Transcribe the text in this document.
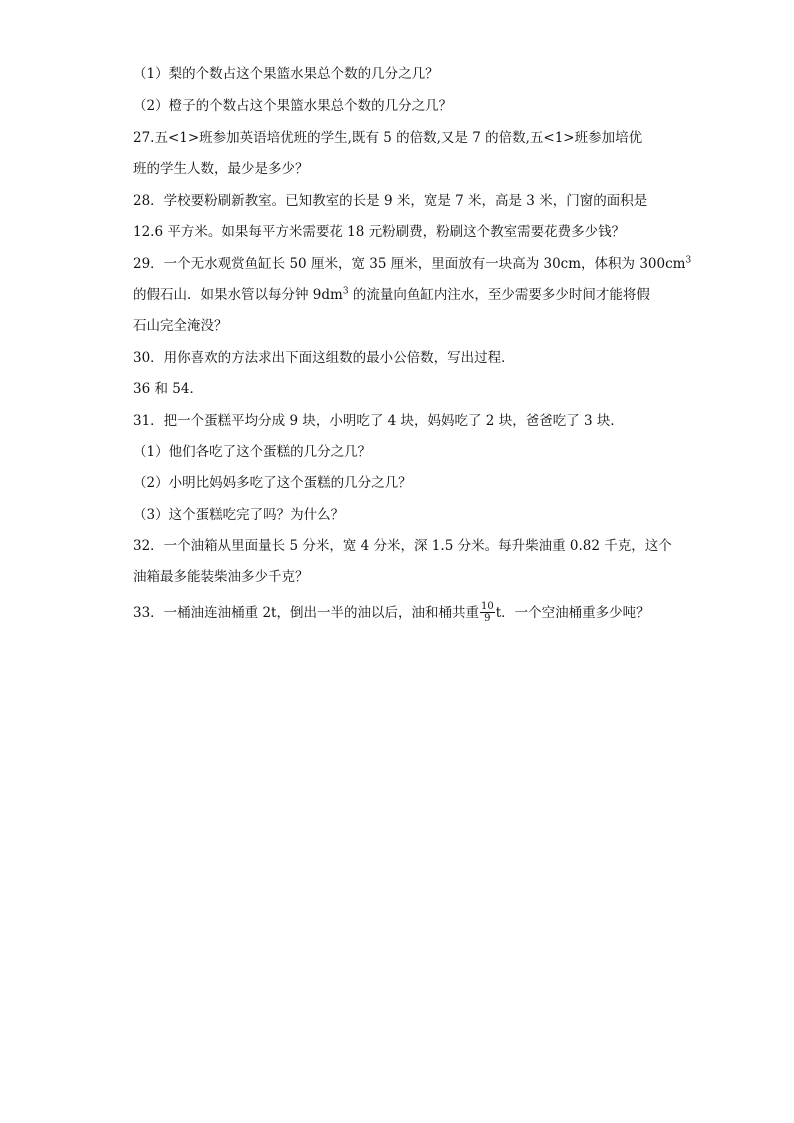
（1）梨的个数占这个果篮水果总个数的几分之几？
（2）橙子的个数占这个果篮水果总个数的几分之几？
27.五<1>班参加英语培优班的学生,既有 5 的倍数,又是 7 的倍数,五<1>班参加培优
班的学生人数，最少是多少？
28．学校要粉刷新教室。已知教室的长是 9 米，宽是 7 米，高是 3 米，门窗的面积是
12.6 平方米。如果每平方米需要花 18 元粉刷费，粉刷这个教室需要花费多少钱？
29．一个无水观赏鱼缸长 50 厘米，宽 35 厘米，里面放有一块高为 30cm，体积为 $300cm^3$
的假石山．如果水管以每分钟 $9dm^3$ 的流量向鱼缸内注水，至少需要多少时间才能将假
石山完全淹没？
30．用你喜欢的方法求出下面这组数的最小公倍数，写出过程．
36 和 54．
31．把一个蛋糕平均分成 9 块，小明吃了 4 块，妈妈吃了 2 块，爸爸吃了 3 块．
（1）他们各吃了这个蛋糕的几分之几？
（2）小明比妈妈多吃了这个蛋糕的几分之几？
（3）这个蛋糕吃完了吗？为什么？
32．一个油箱从里面量长 5 分米，宽 4 分米，深 1.5 分米。每升柴油重 0.82 千克，这个
油箱最多能装柴油多少千克？
33．一桶油连油桶重 2t，倒出一半的油以后，油和桶共重 $\frac{10}{9}$ t．一个空油桶重多少吨？
